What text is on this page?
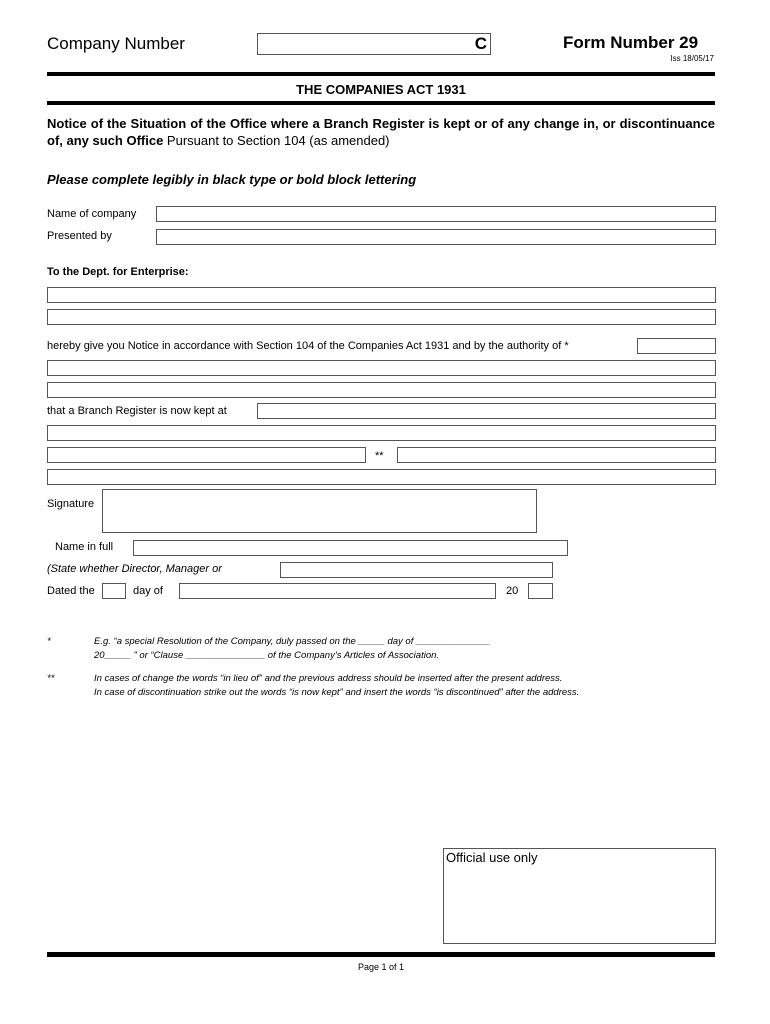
Company Number	C	Form Number 29
Iss 18/05/17
THE COMPANIES ACT 1931
Notice of the Situation of the Office where a Branch Register is kept or of any change in, or discontinuance of, any such Office Pursuant to Section 104 (as amended)
Please complete legibly in black type or bold block lettering
Name of company
Presented by
To the Dept. for Enterprise:
hereby give you Notice in accordance with Section 104 of the Companies Act 1931 and by the authority of *
that a Branch Register is now kept at
**
Signature
Name in full
(State whether Director, Manager or
Dated the	day of	20
*	E.g. “a special Resolution of the Company, duly passed on the _____ day of ______________
20_____ ” or “Clause _______________ of the Company’s Articles of Association.
**	In cases of change the words “in lieu of” and the previous address should be inserted after the present address.
In case of discontinuation strike out the words “is now kept” and insert the words “is discontinued” after the address.
Official use only
Page 1 of 1
